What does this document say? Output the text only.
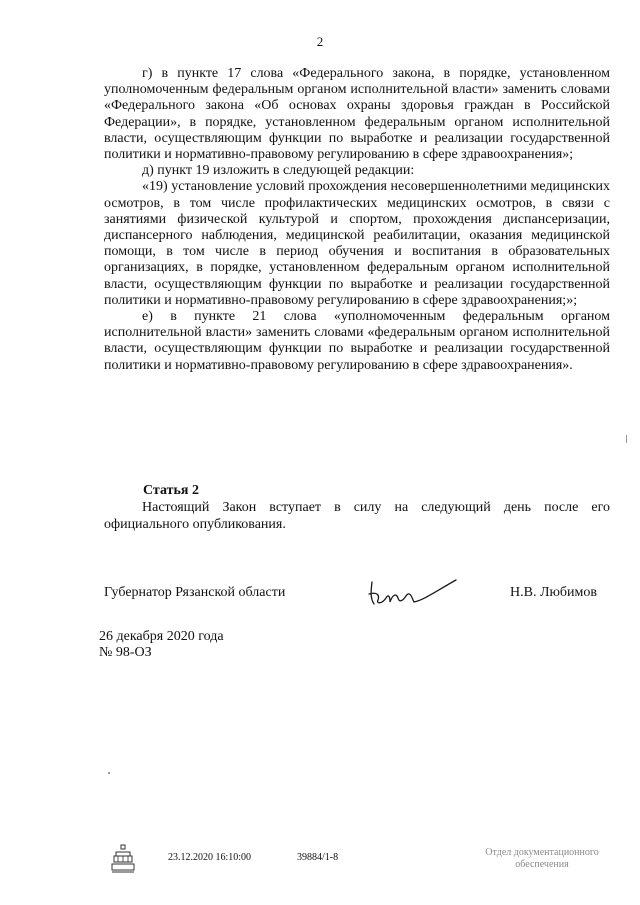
2

г) в пункте 17 слова «Федерального закона, в порядке, установленном уполномоченным федеральным органом исполнительной власти» заменить словами «Федерального закона «Об основах охраны здоровья граждан в Российской Федерации», в порядке, установленном федеральным органом исполнительной власти, осуществляющим функции по выработке и реализации государственной политики и нормативно-правовому регулированию в сфере здравоохранения»;

д) пункт 19 изложить в следующей редакции:

«19) установление условий прохождения несовершеннолетними медицинских осмотров, в том числе профилактических медицинских осмотров, в связи с занятиями физической культурой и спортом, прохождения диспансеризации, диспансерного наблюдения, медицинской реабилитации, оказания медицинской помощи, в том числе в период обучения и воспитания в образовательных организациях, в порядке, установленном федеральным органом исполнительной власти, осуществляющим функции по выработке и реализации государственной политики и нормативно-правовому регулированию в сфере здравоохранения;»;

е) в пункте 21 слова «уполномоченным федеральным органом исполнительной власти» заменить словами «федеральным органом исполнительной власти, осуществляющим функции по выработке и реализации государственной политики и нормативно-правовому регулированию в сфере здравоохранения».

Статья 2
Настоящий Закон вступает в силу на следующий день после его официального опубликования.
Губернатор Рязанской области	Н.В. Любимов
26 декабря 2020 года
№ 98-ОЗ
23.12.2020 16:10:00	39884/1-8	Отдел документационного
обеспечения
